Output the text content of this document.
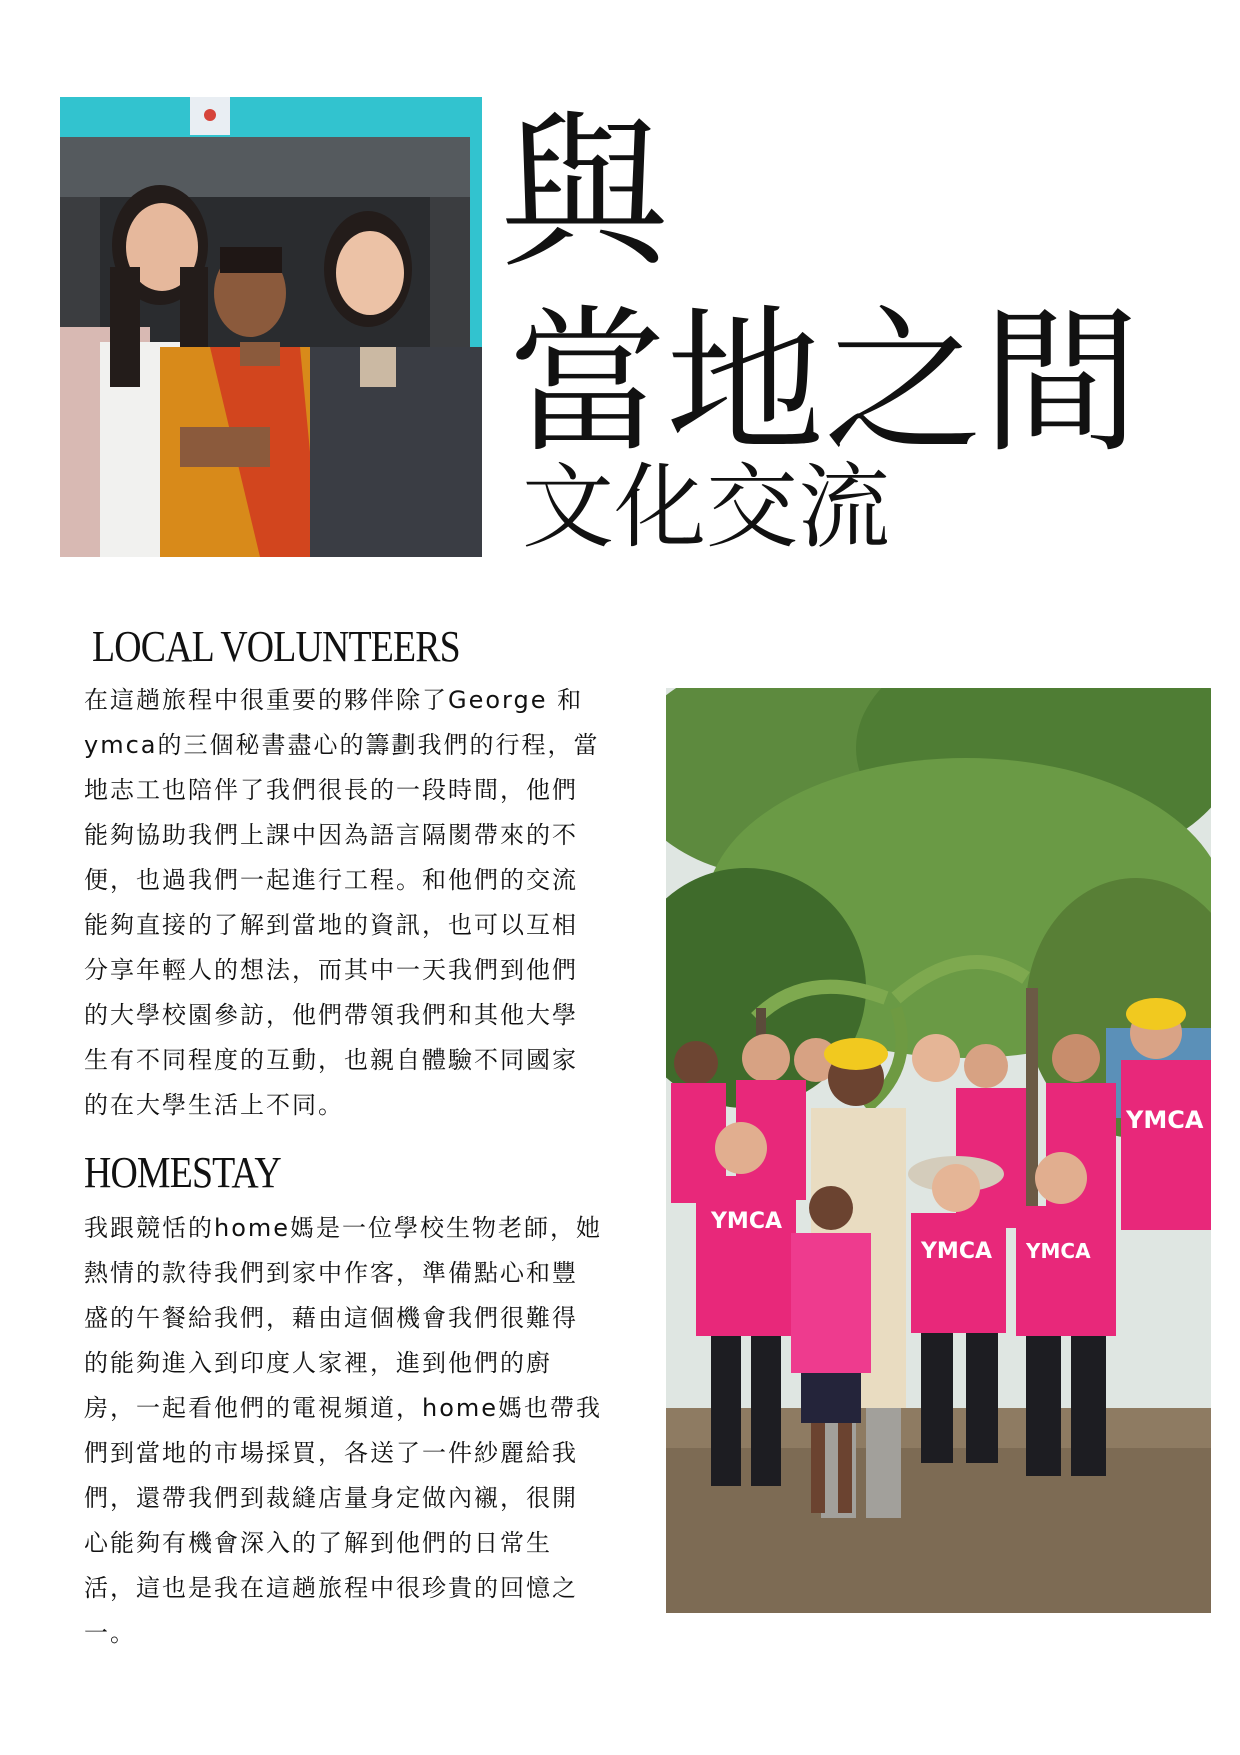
與
當地之間
文化交流
LOCAL VOLUNTEERS

在這趟旅程中很重要的夥伴除了George 和
ymca的三個秘書盡心的籌劃我們的行程，當
地志工也陪伴了我們很長的一段時間，他們
能夠協助我們上課中因為語言隔閡帶來的不
便，也過我們一起進行工程。和他們的交流
能夠直接的了解到當地的資訊，也可以互相
分享年輕人的想法，而其中一天我們到他們
的大學校園參訪，他們帶領我們和其他大學
生有不同程度的互動，也親自體驗不同國家
的在大學生活上不同。

HOMESTAY

我跟競恬的home媽是一位學校生物老師，她
熱情的款待我們到家中作客，準備點心和豐
盛的午餐給我們，藉由這個機會我們很難得
的能夠進入到印度人家裡，進到他們的廚
房，一起看他們的電視頻道，home媽也帶我
們到當地的市場採買，各送了一件紗麗給我
們，還帶我們到裁縫店量身定做內襯，很開
心能夠有機會深入的了解到他們的日常生
活，這也是我在這趟旅程中很珍貴的回憶之
一。

YMCA
YMCA
YMCA YMCA
